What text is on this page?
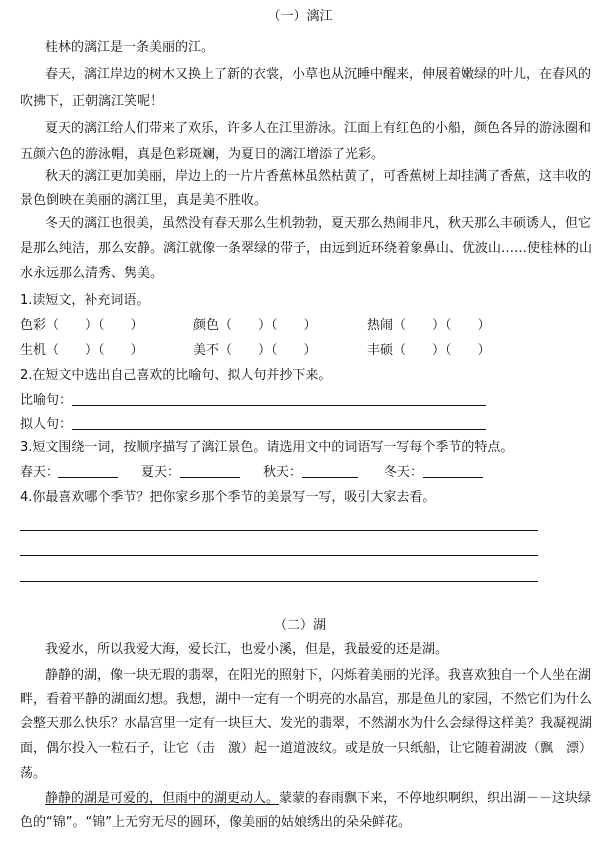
（一）漓江
桂林的漓江是一条美丽的江。
春天，漓江岸边的树木又换上了新的衣裳，小草也从沉睡中醒来，伸展着嫩绿的叶儿，在春风的
吹拂下，正朝漓江笑呢！
夏天的漓江给人们带来了欢乐，许多人在江里游泳。江面上有红色的小船，颜色各异的游泳圈和
五颜六色的游泳帽，真是色彩斑斓，为夏日的漓江增添了光彩。
秋天的漓江更加美丽，岸边上的一片片香蕉林虽然枯黄了，可香蕉树上却挂满了香蕉，这丰收的
景色倒映在美丽的漓江里，真是美不胜收。
冬天的漓江也很美，虽然没有春天那么生机勃勃，夏天那么热闹非凡，秋天那么丰硕诱人，但它
是那么纯洁，那么安静。漓江就像一条翠绿的带子，由远到近环绕着象鼻山、优波山……使桂林的山
水永远那么清秀、隽美。
1.读短文，补充词语。
色彩（　　）（　　）	颜色（　　）（　　）	热闹（　　）（　　）
生机（　　）（　　）	美不（　　）（　　）	丰硕（　　）（　　）
2.在短文中选出自己喜欢的比喻句、拟人句并抄下来。
比喻句：
拟人句：
3.短文围绕一词，按顺序描写了漓江景色。请选用文中的词语写一写每个季节的特点。
春天：	夏天：	秋天：	冬天：
4.你最喜欢哪个季节？把你家乡那个季节的美景写一写，吸引大家去看。
（二）湖
我爱水，所以我爱大海，爱长江，也爱小溪，但是，我最爱的还是湖。
静静的湖，像一块无瑕的翡翠，在阳光的照射下，闪烁着美丽的光泽。我喜欢独自一个人坐在湖
畔，看着平静的湖面幻想。我想，湖中一定有一个明亮的水晶宫，那是鱼儿的家园，不然它们为什么
会整天那么快乐？水晶宫里一定有一块巨大、发光的翡翠，不然湖水为什么会绿得这样美？我凝视湖
面，偶尔投入一粒石子，让它（击　激）起一道道波纹。或是放一只纸船，让它随着湖波（飘　漂）
荡。
静静的湖是可爱的，但雨中的湖更动人。蒙蒙的春雨飘下来，不停地织啊织，织出湖－－这块绿
色的“锦”。“锦”上无穷无尽的圆环，像美丽的姑娘绣出的朵朵鲜花。
